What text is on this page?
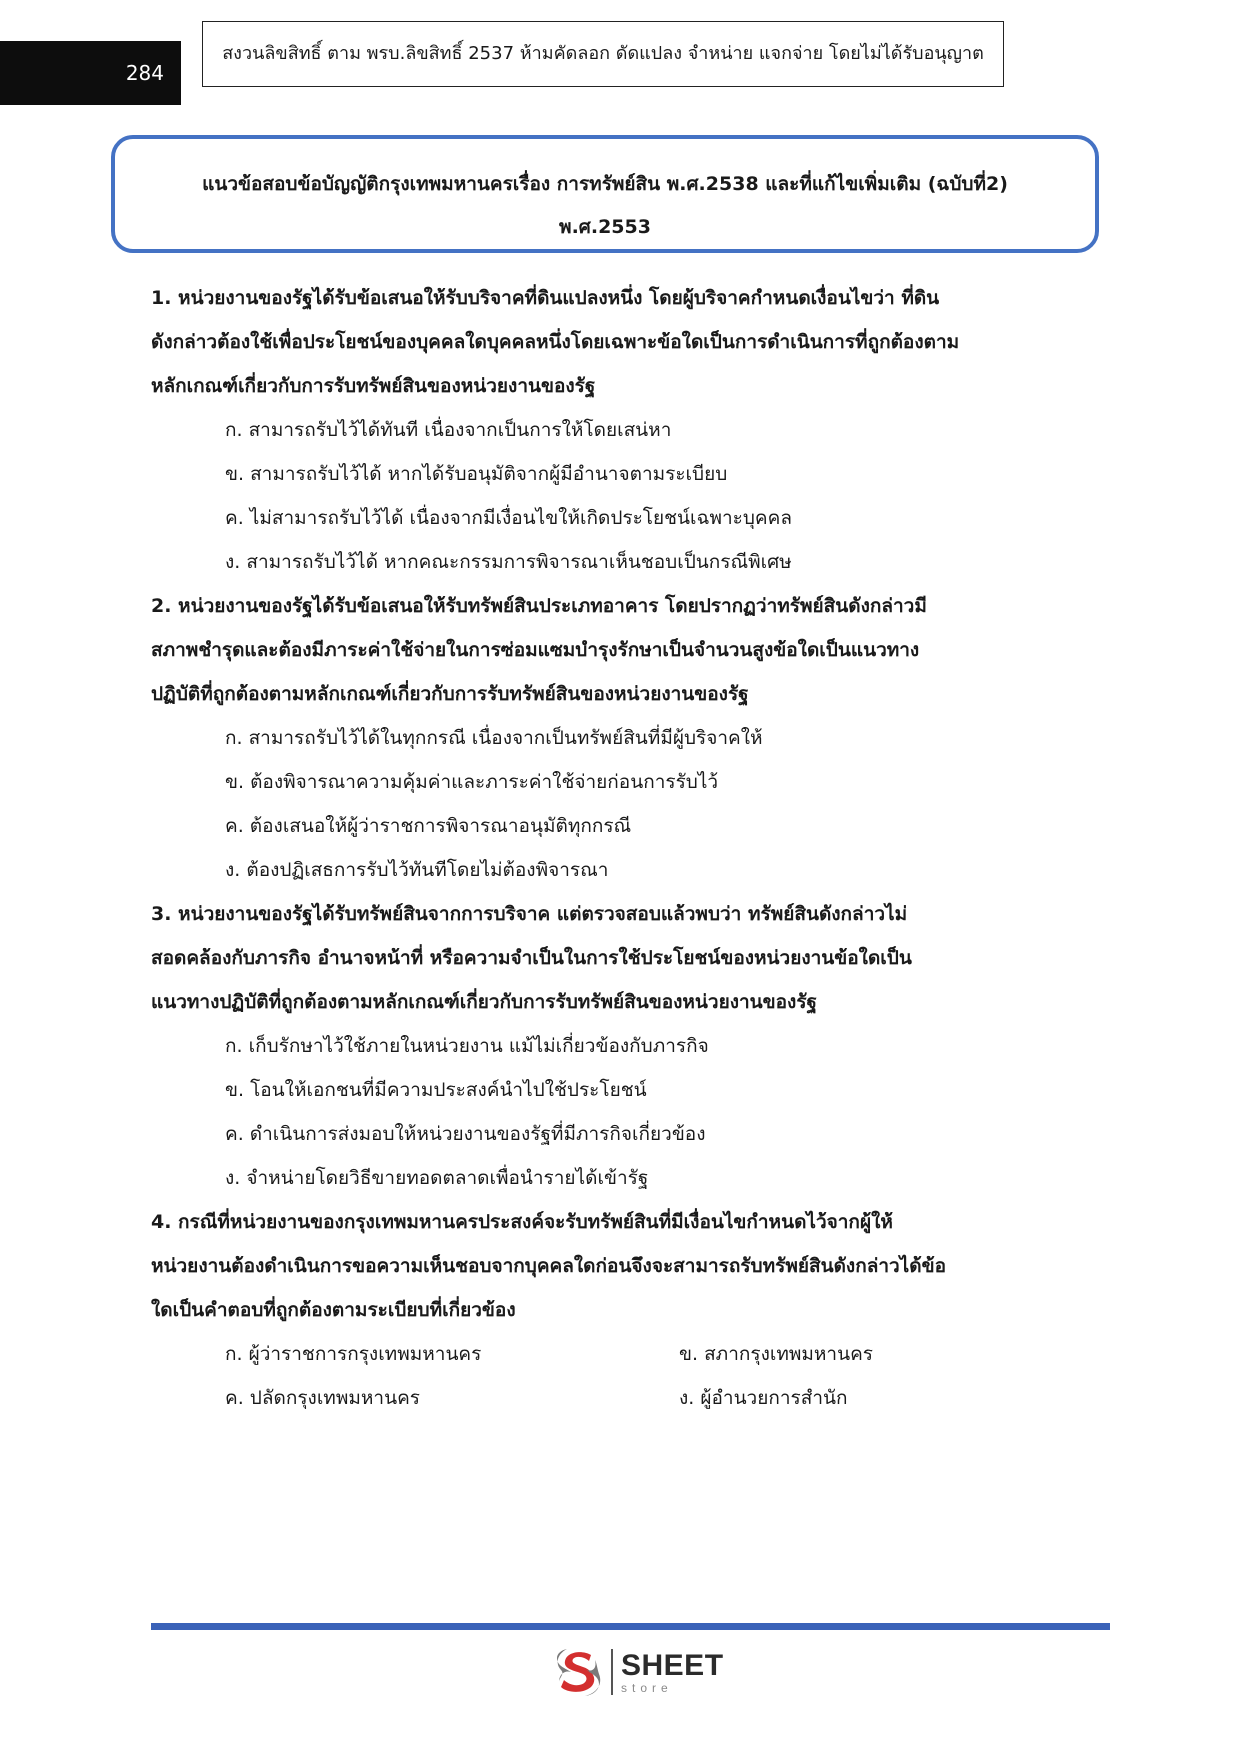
284
สงวนลิขสิทธิ์ ตาม พรบ.ลิขสิทธิ์ 2537 ห้ามคัดลอก ดัดแปลง จำหน่าย แจกจ่าย โดยไม่ได้รับอนุญาต
แนวข้อสอบข้อบัญญัติกรุงเทพมหานครเรื่อง การทรัพย์สิน พ.ศ.2538 และที่แก้ไขเพิ่มเติม (ฉบับที่2)
พ.ศ.2553
1. หน่วยงานของรัฐได้รับข้อเสนอให้รับบริจาคที่ดินแปลงหนึ่ง โดยผู้บริจาคกำหนดเงื่อนไขว่า ที่ดิน
ดังกล่าวต้องใช้เพื่อประโยชน์ของบุคคลใดบุคคลหนึ่งโดยเฉพาะข้อใดเป็นการดำเนินการที่ถูกต้องตาม
หลักเกณฑ์เกี่ยวกับการรับทรัพย์สินของหน่วยงานของรัฐ
ก. สามารถรับไว้ได้ทันที เนื่องจากเป็นการให้โดยเสน่หา
ข. สามารถรับไว้ได้ หากได้รับอนุมัติจากผู้มีอำนาจตามระเบียบ
ค. ไม่สามารถรับไว้ได้ เนื่องจากมีเงื่อนไขให้เกิดประโยชน์เฉพาะบุคคล
ง. สามารถรับไว้ได้ หากคณะกรรมการพิจารณาเห็นชอบเป็นกรณีพิเศษ
2. หน่วยงานของรัฐได้รับข้อเสนอให้รับทรัพย์สินประเภทอาคาร โดยปรากฏว่าทรัพย์สินดังกล่าวมี
สภาพชำรุดและต้องมีภาระค่าใช้จ่ายในการซ่อมแซมบำรุงรักษาเป็นจำนวนสูงข้อใดเป็นแนวทาง
ปฏิบัติที่ถูกต้องตามหลักเกณฑ์เกี่ยวกับการรับทรัพย์สินของหน่วยงานของรัฐ
ก. สามารถรับไว้ได้ในทุกกรณี เนื่องจากเป็นทรัพย์สินที่มีผู้บริจาคให้
ข. ต้องพิจารณาความคุ้มค่าและภาระค่าใช้จ่ายก่อนการรับไว้
ค. ต้องเสนอให้ผู้ว่าราชการพิจารณาอนุมัติทุกกรณี
ง. ต้องปฏิเสธการรับไว้ทันทีโดยไม่ต้องพิจารณา
3. หน่วยงานของรัฐได้รับทรัพย์สินจากการบริจาค แต่ตรวจสอบแล้วพบว่า ทรัพย์สินดังกล่าวไม่
สอดคล้องกับภารกิจ อำนาจหน้าที่ หรือความจำเป็นในการใช้ประโยชน์ของหน่วยงานข้อใดเป็น
แนวทางปฏิบัติที่ถูกต้องตามหลักเกณฑ์เกี่ยวกับการรับทรัพย์สินของหน่วยงานของรัฐ
ก. เก็บรักษาไว้ใช้ภายในหน่วยงาน แม้ไม่เกี่ยวข้องกับภารกิจ
ข. โอนให้เอกชนที่มีความประสงค์นำไปใช้ประโยชน์
ค. ดำเนินการส่งมอบให้หน่วยงานของรัฐที่มีภารกิจเกี่ยวข้อง
ง. จำหน่ายโดยวิธีขายทอดตลาดเพื่อนำรายได้เข้ารัฐ
4. กรณีที่หน่วยงานของกรุงเทพมหานครประสงค์จะรับทรัพย์สินที่มีเงื่อนไขกำหนดไว้จากผู้ให้
หน่วยงานต้องดำเนินการขอความเห็นชอบจากบุคคลใดก่อนจึงจะสามารถรับทรัพย์สินดังกล่าวได้ข้อ
ใดเป็นคำตอบที่ถูกต้องตามระเบียบที่เกี่ยวข้อง
ก. ผู้ว่าราชการกรุงเทพมหานคร	ข. สภากรุงเทพมหานคร
ค. ปลัดกรุงเทพมหานคร	ง. ผู้อำนวยการสำนัก
SHEET
store
